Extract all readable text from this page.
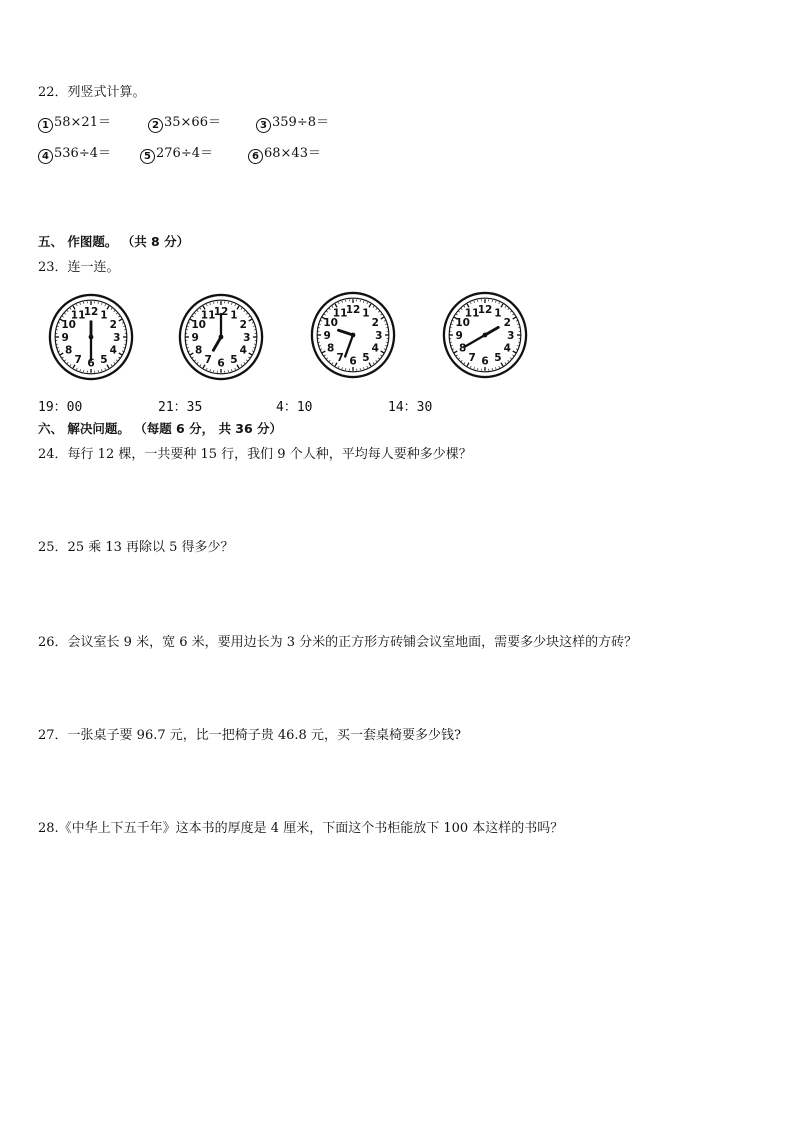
22．列竖式计算。
1 58×21＝	2 35×66＝	3 359÷8＝
4 536÷4＝	5 276÷4＝	6 68×43＝
五、 作图题。 （共 8 分）
23．连一连。
12 1
2
3
4
5
6
7
8
9
10
11	12 1
2
3
4
5
6
7
8
9
10
11	12 1
2
3
4
5
6
7
8
9
10
11	12 1
2
3
4
5
6
7
8
9
10
11
19：00	21：35	4：10	14：30
六、 解决问题。 （每题 6 分， 共 36 分）
24．每行 12 棵，一共要种 15 行，我们 9 个人种，平均每人要种多少棵？
25．25 乘 13 再除以 5 得多少？
26．会议室长 9 米，宽 6 米，要用边长为 3 分米的正方形方砖铺会议室地面，需要多少块这样的方砖？
27．一张桌子要 96.7 元，比一把椅子贵 46.8 元，买一套桌椅要多少钱?
28.《中华上下五千年》这本书的厚度是 4 厘米，下面这个书柜能放下 100 本这样的书吗？
